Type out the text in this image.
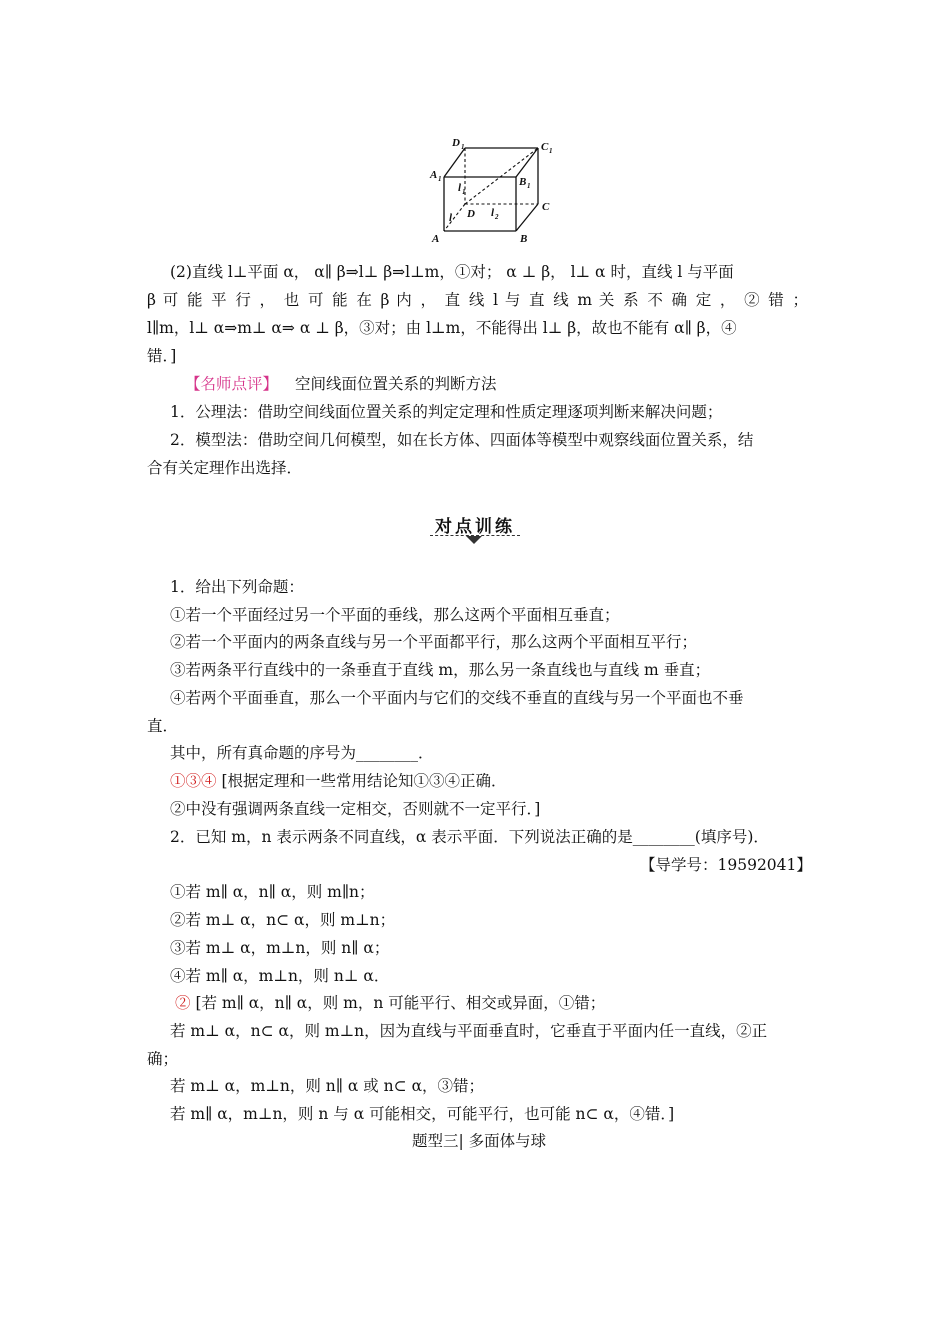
D 1	C 1
A 1	B 1
l 1
D l 2
C
l
A	B
(2)直线 l⊥平面 α， α∥ β⇒l⊥ β⇒l⊥m，①对； α ⊥ β， l⊥ α 时，直线 l 与平面
β 可 能 平 行 ， 也 可 能 在 β 内 ， 直 线 l 与 直 线 m 关 系 不 确 定 ， ② 错 ；
l∥m，l⊥ α⇒m⊥ α⇒ α ⊥ β，③对；由 l⊥m，不能得出 l⊥ β，故也不能有 α∥ β，④
错．]
【名师点评】 空间线面位置关系的判断方法
1．公理法：借助空间线面位置关系的判定定理和性质定理逐项判断来解决问题；
2．模型法：借助空间几何模型，如在长方体、四面体等模型中观察线面位置关系，结
合有关定理作出选择．
对点训练
1．给出下列命题：
①若一个平面经过另一个平面的垂线，那么这两个平面相互垂直；
②若一个平面内的两条直线与另一个平面都平行，那么这两个平面相互平行；
③若两条平行直线中的一条垂直于直线 m，那么另一条直线也与直线 m 垂直；
④若两个平面垂直，那么一个平面内与它们的交线不垂直的直线与另一个平面也不垂
直．
其中，所有真命题的序号为________．
①③④ [根据定理和一些常用结论知①③④正确．
②中没有强调两条直线一定相交，否则就不一定平行．]
2．已知 m，n 表示两条不同直线，α 表示平面．下列说法正确的是________(填序号)．
【导学号：19592041】
①若 m∥ α，n∥ α，则 m∥n；
②若 m⊥ α，n⊂ α，则 m⊥n；
③若 m⊥ α，m⊥n，则 n∥ α；
④若 m∥ α，m⊥n，则 n⊥ α．
② [若 m∥ α，n∥ α，则 m，n 可能平行、相交或异面，①错；
若 m⊥ α，n⊂ α，则 m⊥n，因为直线与平面垂直时，它垂直于平面内任一直线，②正
确；
若 m⊥ α，m⊥n，则 n∥ α 或 n⊂ α，③错；
若 m∥ α，m⊥n，则 n 与 α 可能相交，可能平行，也可能 n⊂ α，④错．]
题型三| 多面体与球
